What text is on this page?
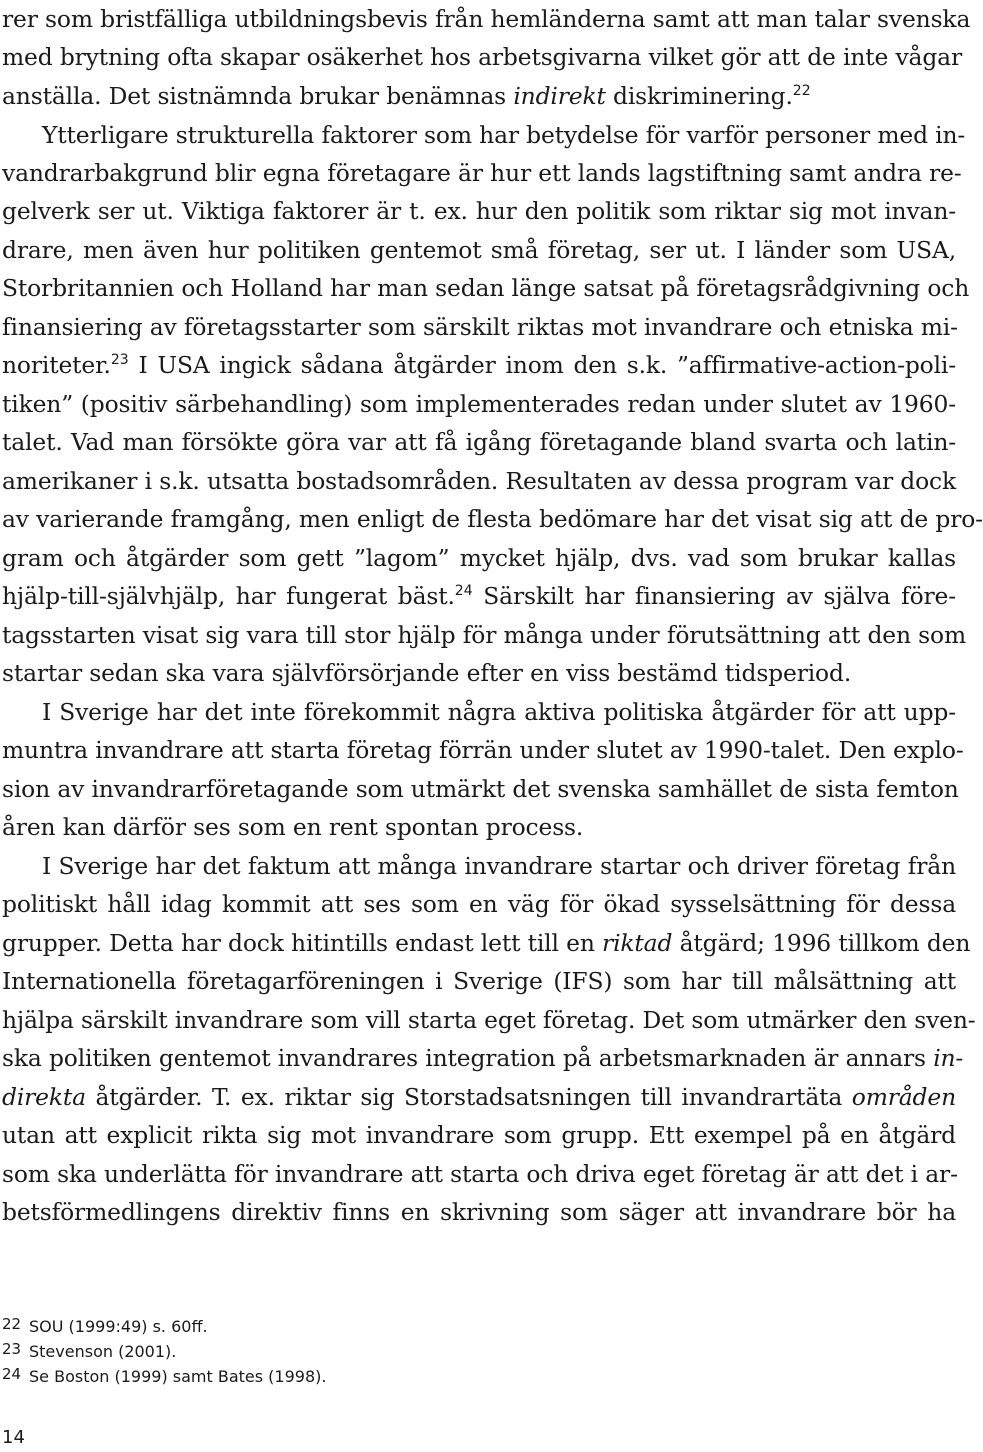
rer som bristfälliga utbildningsbevis från hemländerna samt att man talar svenska
med brytning ofta skapar osäkerhet hos arbetsgivarna vilket gör att de inte vågar
anställa. Det sistnämnda brukar benämnas indirekt diskriminering.$^{22}$
Ytterligare strukturella faktorer som har betydelse för varför personer med in-
vandrarbakgrund blir egna företagare är hur ett lands lagstiftning samt andra re-
gelverk ser ut. Viktiga faktorer är t. ex. hur den politik som riktar sig mot invan-
drare, men även hur politiken gentemot små företag, ser ut. I länder som USA,
Storbritannien och Holland har man sedan länge satsat på företagsrådgivning och
finansiering av företagsstarter som särskilt riktas mot invandrare och etniska mi-
noriteter.$^{23}$ I USA ingick sådana åtgärder inom den s.k. ”affirmative-action-poli-
tiken” (positiv särbehandling) som implementerades redan under slutet av 1960-
talet. Vad man försökte göra var att få igång företagande bland svarta och latin-
amerikaner i s.k. utsatta bostadsområden. Resultaten av dessa program var dock
av varierande framgång, men enligt de flesta bedömare har det visat sig att de pro-
gram och åtgärder som gett ”lagom” mycket hjälp, dvs. vad som brukar kallas
hjälp-till-självhjälp, har fungerat bäst.$^{24}$ Särskilt har finansiering av själva före-
tagsstarten visat sig vara till stor hjälp för många under förutsättning att den som
startar sedan ska vara självförsörjande efter en viss bestämd tidsperiod.
I Sverige har det inte förekommit några aktiva politiska åtgärder för att upp-
muntra invandrare att starta företag förrän under slutet av 1990-talet. Den explo-
sion av invandrarföretagande som utmärkt det svenska samhället de sista femton
åren kan därför ses som en rent spontan process.
I Sverige har det faktum att många invandrare startar och driver företag från
politiskt håll idag kommit att ses som en väg för ökad sysselsättning för dessa
grupper. Detta har dock hitintills endast lett till en riktad åtgärd; 1996 tillkom den
Internationella företagarföreningen i Sverige (IFS) som har till målsättning att
hjälpa särskilt invandrare som vill starta eget företag. Det som utmärker den sven-
ska politiken gentemot invandrares integration på arbetsmarknaden är annars in-
direkta åtgärder. T. ex. riktar sig Storstadsatsningen till invandrartäta områden
utan att explicit rikta sig mot invandrare som grupp. Ett exempel på en åtgärd
som ska underlätta för invandrare att starta och driva eget företag är att det i ar-
betsförmedlingens direktiv finns en skrivning som säger att invandrare bör ha
22 SOU (1999:49) s. 60ff.
23 Stevenson (2001).
24 Se Boston (1999) samt Bates (1998).
14
